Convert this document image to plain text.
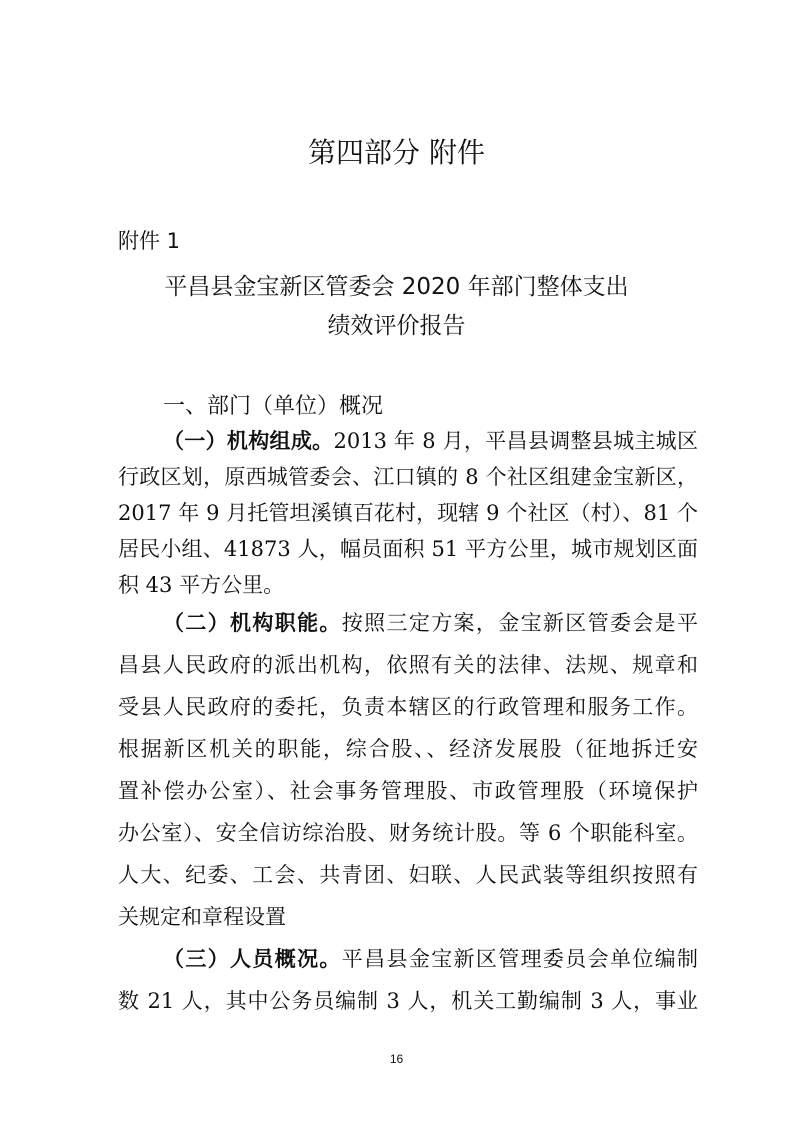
第四部分 附件
附件 1
平昌县金宝新区管委会 2020 年部门整体支出
绩效评价报告
一、部门（单位）概况
（一）机构组成。2013 年 8 月，平昌县调整县城主城区
行政区划，原西城管委会、江口镇的 8 个社区组建金宝新区，
2017 年 9 月托管坦溪镇百花村，现辖 9 个社区（村）、81 个
居民小组、41873 人，幅员面积 51 平方公里，城市规划区面
积 43 平方公里。
（二）机构职能。按照三定方案，金宝新区管委会是平
昌县人民政府的派出机构，依照有关的法律、法规、规章和
受县人民政府的委托，负责本辖区的行政管理和服务工作。
根据新区机关的职能，综合股、、经济发展股（征地拆迁安
置补偿办公室）、社会事务管理股、市政管理股（环境保护
办公室）、安全信访综治股、财务统计股。等 6 个职能科室。
人大、纪委、工会、共青团、妇联、人民武装等组织按照有
关规定和章程设置
（三）人员概况。平昌县金宝新区管理委员会单位编制
数 21 人，其中公务员编制 3 人，机关工勤编制 3 人，事业
16
